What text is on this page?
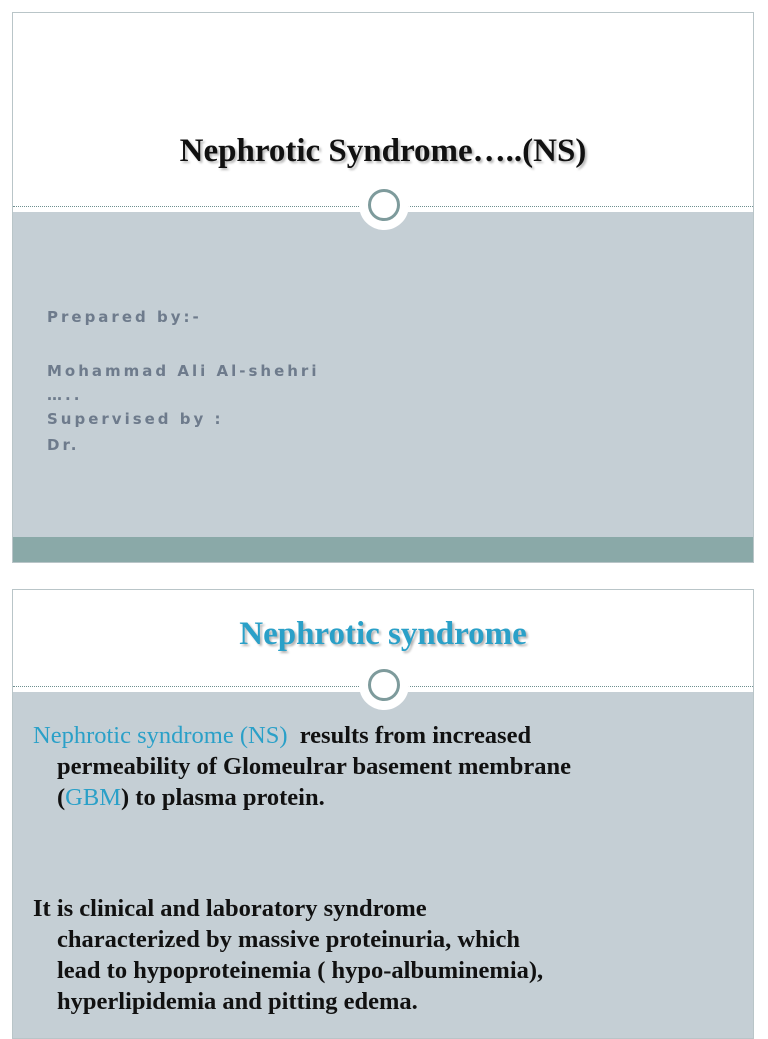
Nephrotic Syndrome…..(NS)
Prepared by:-
Mohammad Ali Al-shehri
…..
Supervised by :
Dr.
Nephrotic syndrome
Nephrotic syndrome (NS)  results from increased
permeability of Glomeulrar basement membrane
(GBM) to plasma protein.
It is clinical and laboratory syndrome
characterized by massive proteinuria, which
lead to hypoproteinemia ( hypo-albuminemia),
hyperlipidemia and pitting edema.
